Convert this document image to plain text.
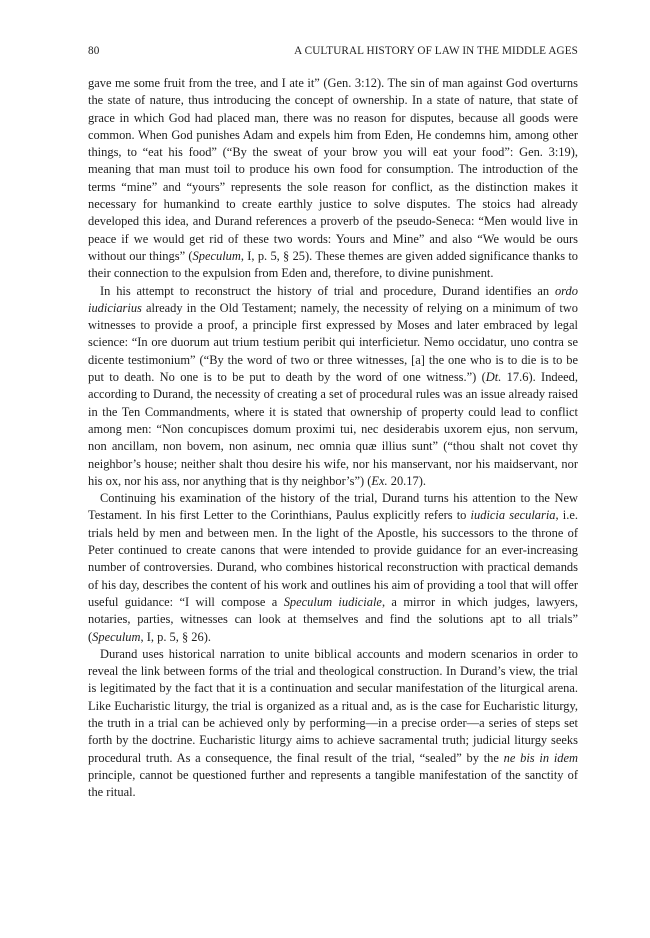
80	A CULTURAL HISTORY OF LAW IN THE MIDDLE AGES

gave me some fruit from the tree, and I ate it” (Gen. 3:12). The sin of man against God overturns the state of nature, thus introducing the concept of ownership. In a state of nature, that state of grace in which God had placed man, there was no reason for disputes, because all goods were common. When God punishes Adam and expels him from Eden, He condemns him, among other things, to “eat his food” (“By the sweat of your brow you will eat your food”: Gen. 3:19), meaning that man must toil to produce his own food for consumption. The introduction of the terms “mine” and “yours” represents the sole reason for conflict, as the distinction makes it necessary for humankind to create earthly justice to solve disputes. The stoics had already developed this idea, and Durand references a proverb of the pseudo-Seneca: “Men would live in peace if we would get rid of these two words: Yours and Mine” and also “We would be ours without our things” (Speculum, I, p. 5, § 25). These themes are given added significance thanks to their connection to the expulsion from Eden and, therefore, to divine punishment.

In his attempt to reconstruct the history of trial and procedure, Durand identifies an ordo iudiciarius already in the Old Testament; namely, the necessity of relying on a minimum of two witnesses to provide a proof, a principle first expressed by Moses and later embraced by legal science: “In ore duorum aut trium testium peribit qui interficietur. Nemo occidatur, uno contra se dicente testimonium” (“By the word of two or three witnesses, [a] the one who is to die is to be put to death. No one is to be put to death by the word of one witness.”) (Dt. 17.6). Indeed, according to Durand, the necessity of creating a set of procedural rules was an issue already raised in the Ten Commandments, where it is stated that ownership of property could lead to conflict among men: “Non concupisces domum proximi tui, nec desiderabis uxorem ejus, non servum, non ancillam, non bovem, non asinum, nec omnia quæ illius sunt” (“thou shalt not covet thy neighbor’s house; neither shalt thou desire his wife, nor his manservant, nor his maidservant, nor his ox, nor his ass, nor anything that is thy neighbor’s”) (Ex. 20.17).

Continuing his examination of the history of the trial, Durand turns his attention to the New Testament. In his first Letter to the Corinthians, Paulus explicitly refers to iudicia secularia, i.e. trials held by men and between men. In the light of the Apostle, his successors to the throne of Peter continued to create canons that were intended to provide guidance for an ever-increasing number of controversies. Durand, who combines historical reconstruction with practical demands of his day, describes the content of his work and outlines his aim of providing a tool that will offer useful guidance: “I will compose a Speculum iudiciale, a mirror in which judges, lawyers, notaries, parties, witnesses can look at themselves and find the solutions apt to all trials” (Speculum, I, p. 5, § 26).

Durand uses historical narration to unite biblical accounts and modern scenarios in order to reveal the link between forms of the trial and theological construction. In Durand’s view, the trial is legitimated by the fact that it is a continuation and secular manifestation of the liturgical arena. Like Eucharistic liturgy, the trial is organized as a ritual and, as is the case for Eucharistic liturgy, the truth in a trial can be achieved only by performing—in a precise order—a series of steps set forth by the doctrine. Eucharistic liturgy aims to achieve sacramental truth; judicial liturgy seeks procedural truth. As a consequence, the final result of the trial, “sealed” by the ne bis in idem principle, cannot be questioned further and represents a tangible manifestation of the sanctity of the ritual.
